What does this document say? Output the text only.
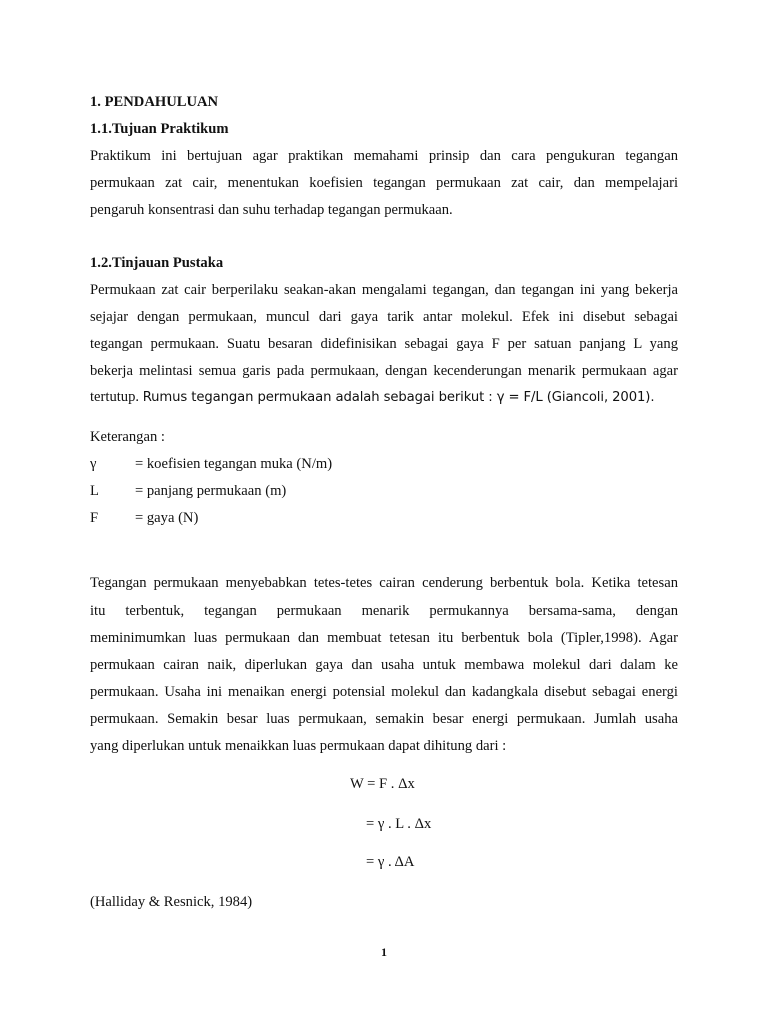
1. PENDAHULUAN
1.1.Tujuan Praktikum
Praktikum ini bertujuan agar praktikan memahami prinsip dan cara pengukuran tegangan
permukaan zat cair, menentukan koefisien tegangan permukaan zat cair, dan mempelajari
pengaruh konsentrasi dan suhu terhadap tegangan permukaan.
1.2.Tinjauan Pustaka
Permukaan zat cair berperilaku seakan-akan mengalami tegangan, dan tegangan ini yang bekerja
sejajar dengan permukaan, muncul dari gaya tarik antar molekul. Efek ini disebut sebagai
tegangan permukaan. Suatu besaran didefinisikan sebagai gaya F per satuan panjang L yang
bekerja melintasi semua garis pada permukaan, dengan kecenderungan menarik permukaan agar
tertutup. Rumus tegangan permukaan adalah sebagai berikut : γ = F/L (Giancoli, 2001).
Keterangan :
γ	= koefisien tegangan muka (N/m)
L = panjang permukaan (m)
F	= gaya (N)
Tegangan permukaan menyebabkan tetes-tetes cairan cenderung berbentuk bola. Ketika tetesan
itu terbentuk, tegangan permukaan menarik permukannya bersama-sama, dengan
meminimumkan luas permukaan dan membuat tetesan itu berbentuk bola (Tipler,1998). Agar
permukaan cairan naik, diperlukan gaya dan usaha untuk membawa molekul dari dalam ke
permukaan. Usaha ini menaikan energi potensial molekul dan kadangkala disebut sebagai energi
permukaan. Semakin besar luas permukaan, semakin besar energi permukaan. Jumlah usaha
yang diperlukan untuk menaikkan luas permukaan dapat dihitung dari :
W = F . Δx
= γ . L . Δx
= γ . ΔA
(Halliday & Resnick, 1984)
1
